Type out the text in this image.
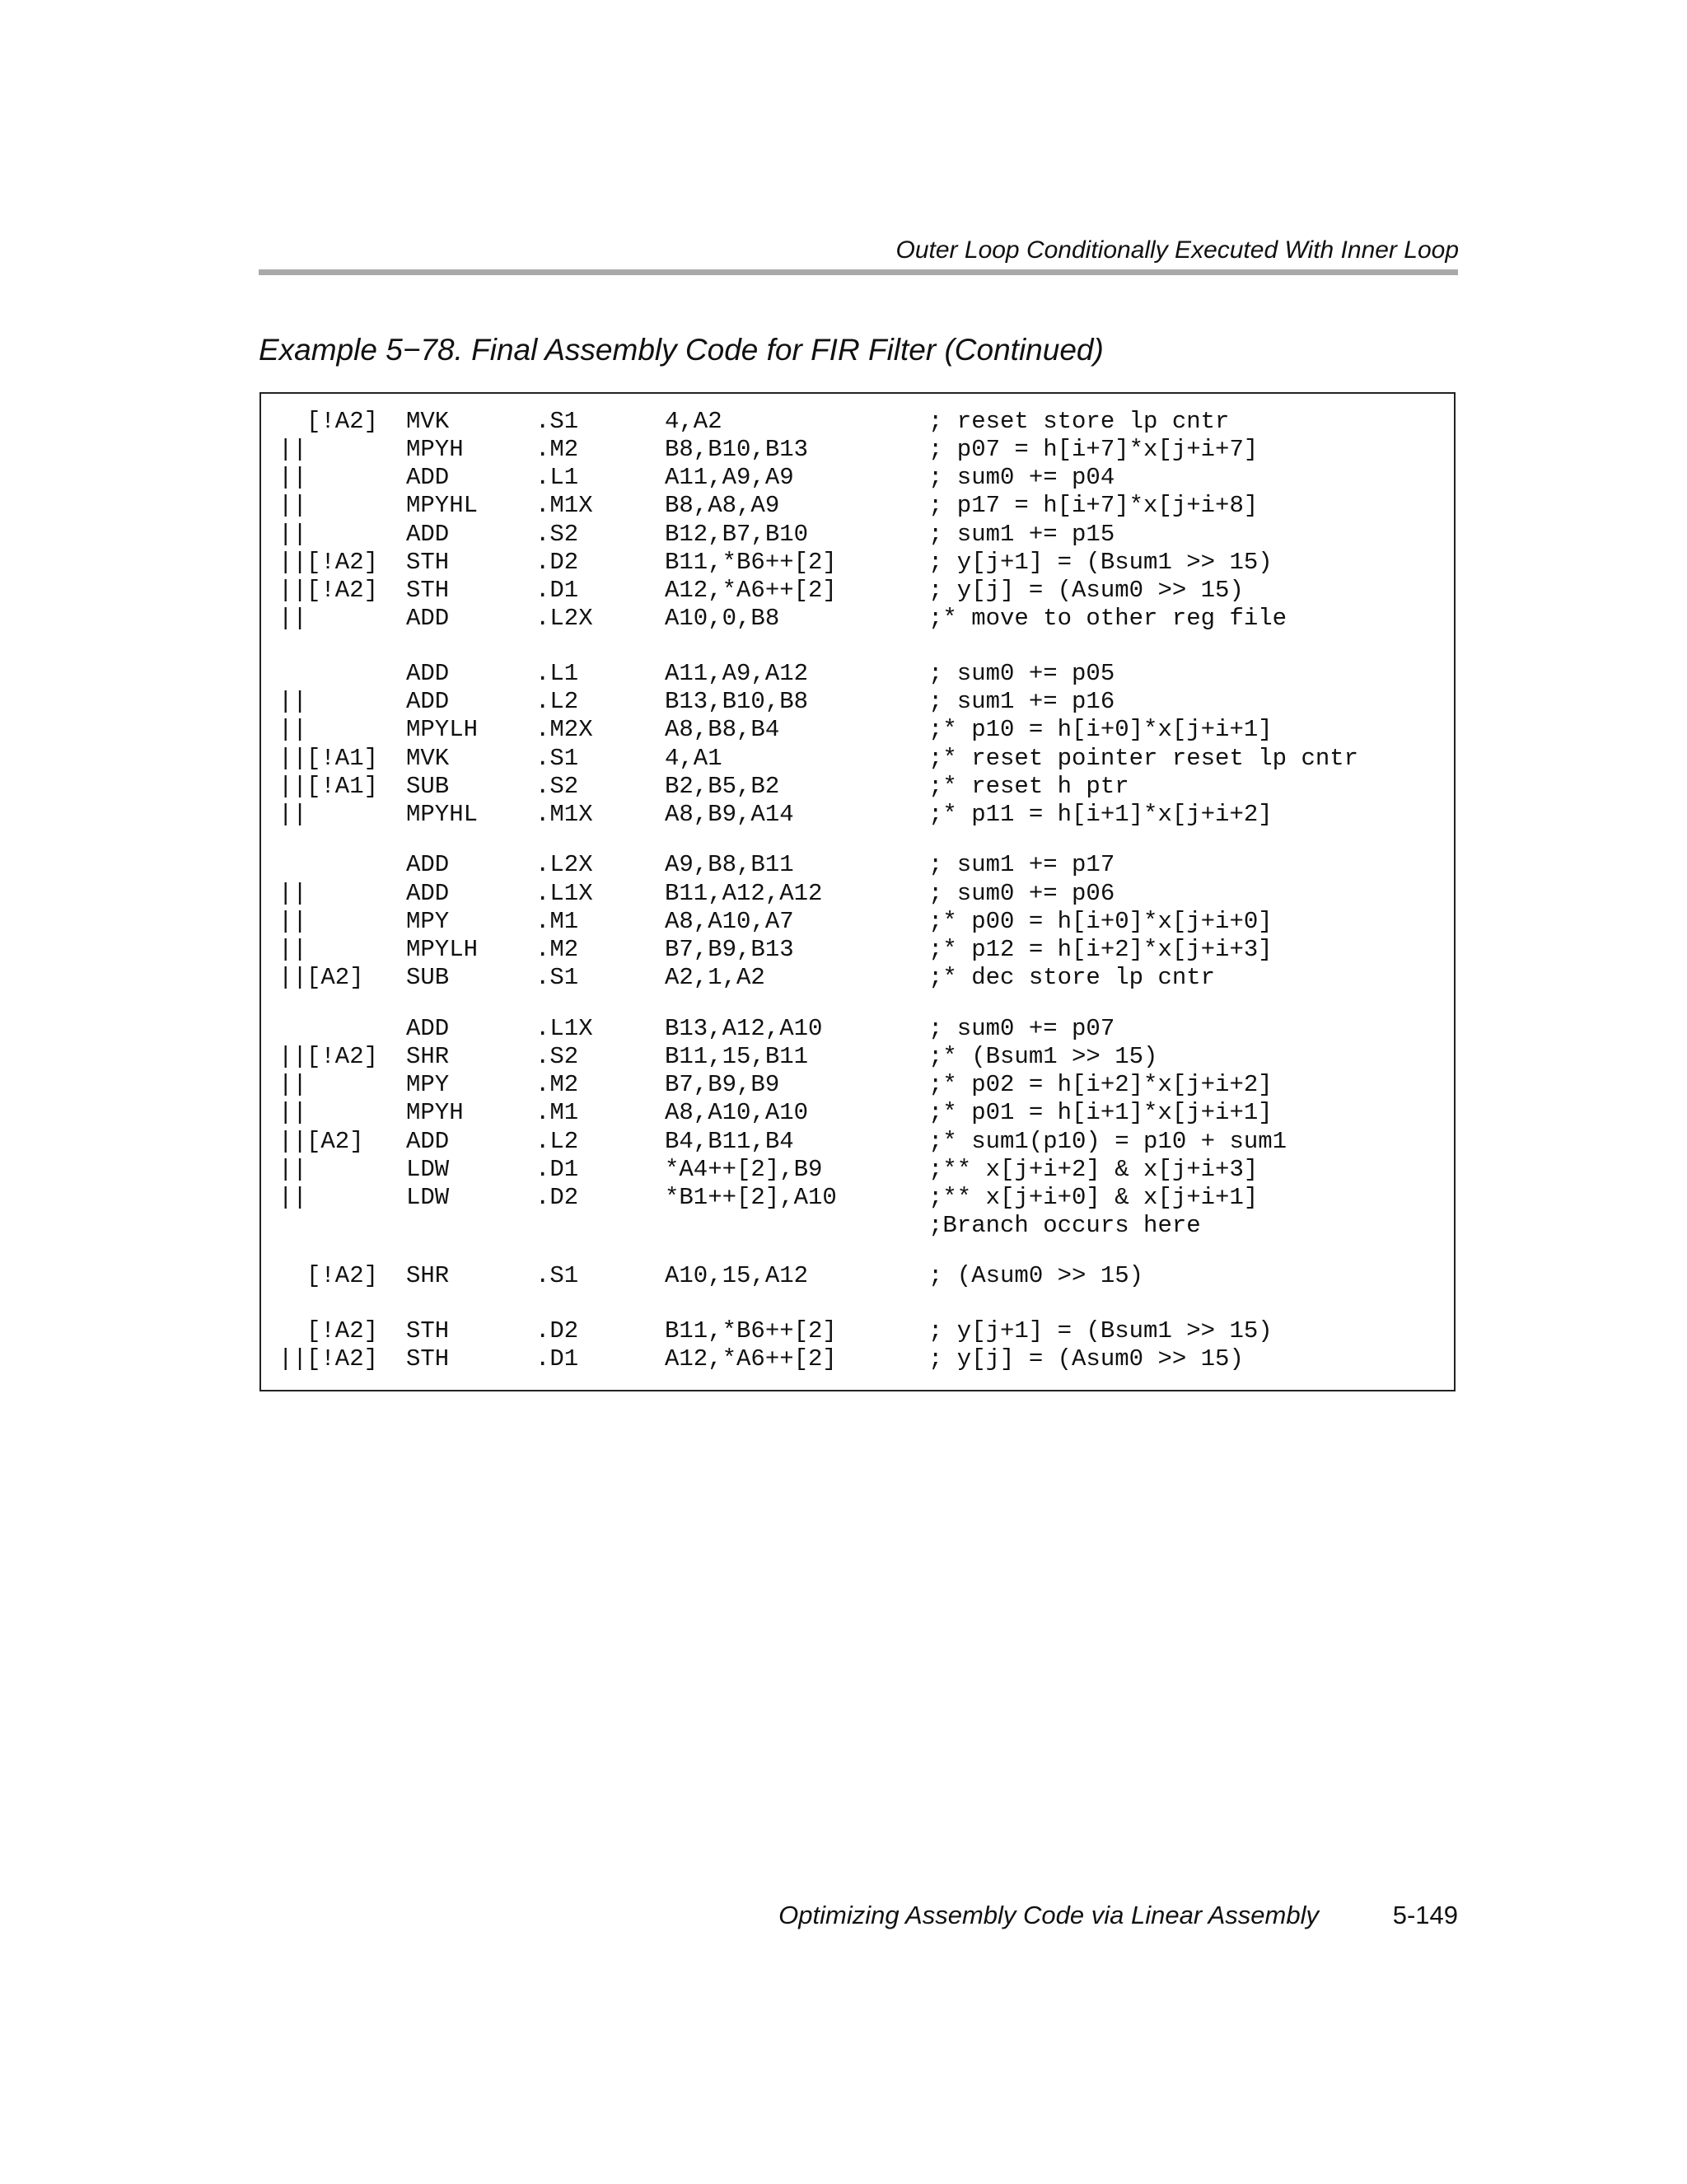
Outer Loop Conditionally Executed With Inner Loop
Example 5−78. Final Assembly Code for FIR Filter (Continued)
[!A2] MVK	.S1	4,A2	; reset store lp cntr
||	MPYH	.M2	B8,B10,B13	; p07 = h[i+7]*x[j+i+7]
||	ADD	.L1	A11,A9,A9	; sum0 += p04
||	MPYHL .M1X	B8,A8,A9	; p17 = h[i+7]*x[j+i+8]
||	ADD	.S2	B12,B7,B10	; sum1 += p15
|| [!A2] STH	.D2	B11,*B6++[2]	; y[j+1] = (Bsum1 >> 15)
|| [!A2] STH	.D1	A12,*A6++[2]	; y[j] = (Asum0 >> 15)
||	ADD	.L2X	A10,0,B8	;* move to other reg file
ADD	.L1	A11,A9,A12	; sum0 += p05
||	ADD	.L2	B13,B10,B8	; sum1 += p16
||	MPYLH .M2X	A8,B8,B4	;* p10 = h[i+0]*x[j+i+1]
|| [!A1] MVK	.S1	4,A1	;* reset pointer reset lp cntr
|| [!A1] SUB	.S2	B2,B5,B2	;* reset h ptr
||	MPYHL .M1X	A8,B9,A14	;* p11 = h[i+1]*x[j+i+2]
ADD	.L2X	A9,B8,B11	; sum1 += p17
||	ADD	.L1X	B11,A12,A12	; sum0 += p06
||	MPY	.M1	A8,A10,A7	;* p00 = h[i+0]*x[j+i+0]
||	MPYLH .M2	B7,B9,B13	;* p12 = h[i+2]*x[j+i+3]
|| [A2] SUB	.S1	A2,1,A2	;* dec store lp cntr
ADD	.L1X	B13,A12,A10	; sum0 += p07
|| [!A2] SHR	.S2	B11,15,B11	;* (Bsum1 >> 15)
||	MPY	.M2	B7,B9,B9	;* p02 = h[i+2]*x[j+i+2]
||	MPYH	.M1	A8,A10,A10	;* p01 = h[i+1]*x[j+i+1]
|| [A2] ADD	.L2	B4,B11,B4	;* sum1(p10) = p10 + sum1
||	LDW	.D1	*A4++[2],B9	;** x[j+i+2] & x[j+i+3]
||	LDW	.D2	*B1++[2],A10	;** x[j+i+0] & x[j+i+1]
;Branch occurs here
[!A2] SHR	.S1	A10,15,A12	; (Asum0 >> 15)
[!A2] STH	.D2	B11,*B6++[2]	; y[j+1] = (Bsum1 >> 15)
|| [!A2] STH	.D1	A12,*A6++[2]	; y[j] = (Asum0 >> 15)
Optimizing Assembly Code via Linear Assembly	5-149
